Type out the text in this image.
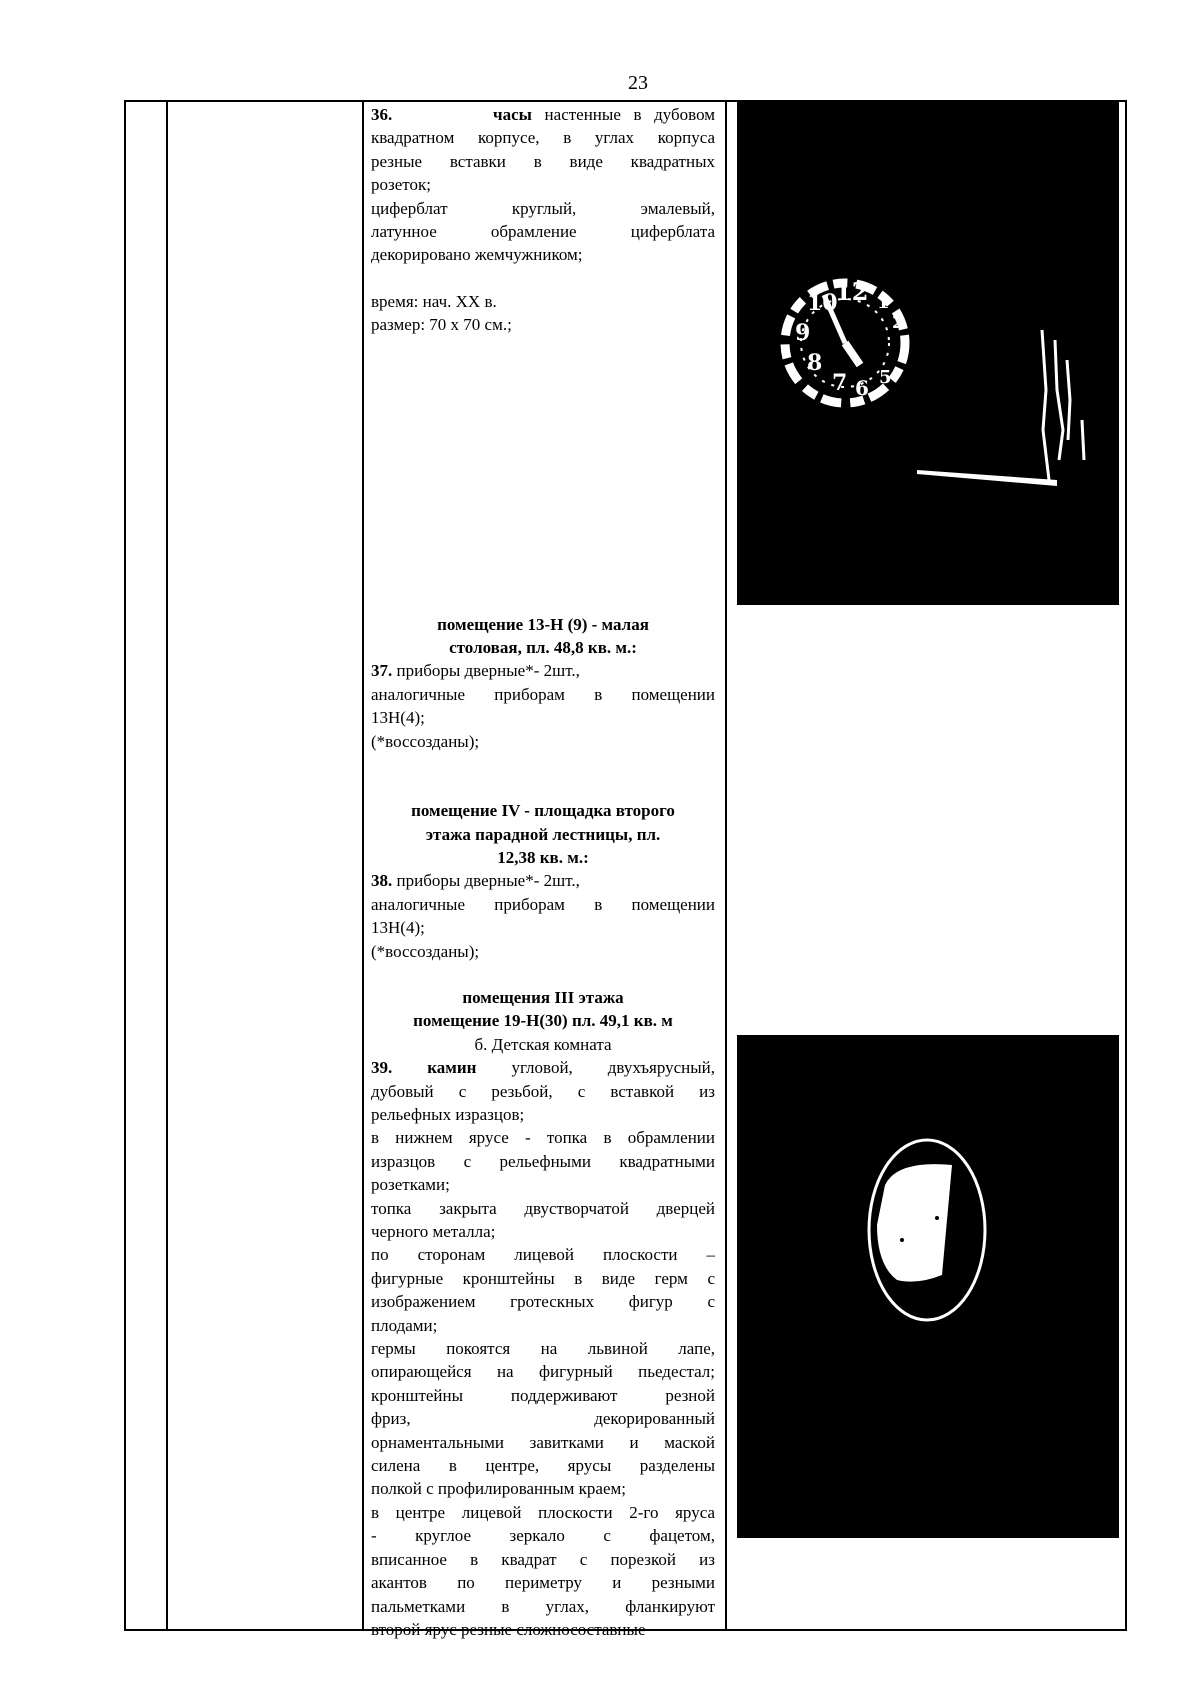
23

36.	часы настенные в дубовом

квадратном корпусе, в углах корпуса

резные вставки в виде квадратных

розеток;

циферблат круглый, эмалевый,

латунное обрамление циферблата

декорировано жемчужником;

время: нач. XX в.

размер: 70 х 70 см.;

помещение 13-Н (9) - малая

столовая, пл. 48,8 кв. м.:

37. приборы дверные*- 2шт.,

аналогичные приборам в помещении

13Н(4);

(*воссозданы);

помещение IV - площадка второго

этажа парадной лестницы, пл.

12,38 кв. м.:

38. приборы дверные*- 2шт.,

аналогичные приборам в помещении

13Н(4);

(*воссозданы);

помещения III этажа

помещение 19-Н(30) пл. 49,1 кв. м

б. Детская комната

39. камин угловой, двухъярусный,

дубовый с резьбой, с вставкой из

рельефных изразцов;

в нижнем ярусе - топка в обрамлении

изразцов с рельефными квадратными

розетками;

топка закрыта двустворчатой дверцей

черного металла;

по сторонам лицевой плоскости –

фигурные кронштейны в виде герм с

изображением гротескных фигур с

плодами;

гермы покоятся на львиной лапе,

опирающейся на фигурный пьедестал;

кронштейны поддерживают резной

фриз, декорированный

орнаментальными завитками и маской

силена в центре, ярусы разделены

полкой с профилированным краем;

в центре лицевой плоскости 2-го яруса

- круглое зеркало с фацетом,

вписанное в квадрат с порезкой из

акантов по периметру и резными

пальметками в углах, фланкируют

второй ярус резные сложносоставные

12
10
9
8
7 6 5
1
2
